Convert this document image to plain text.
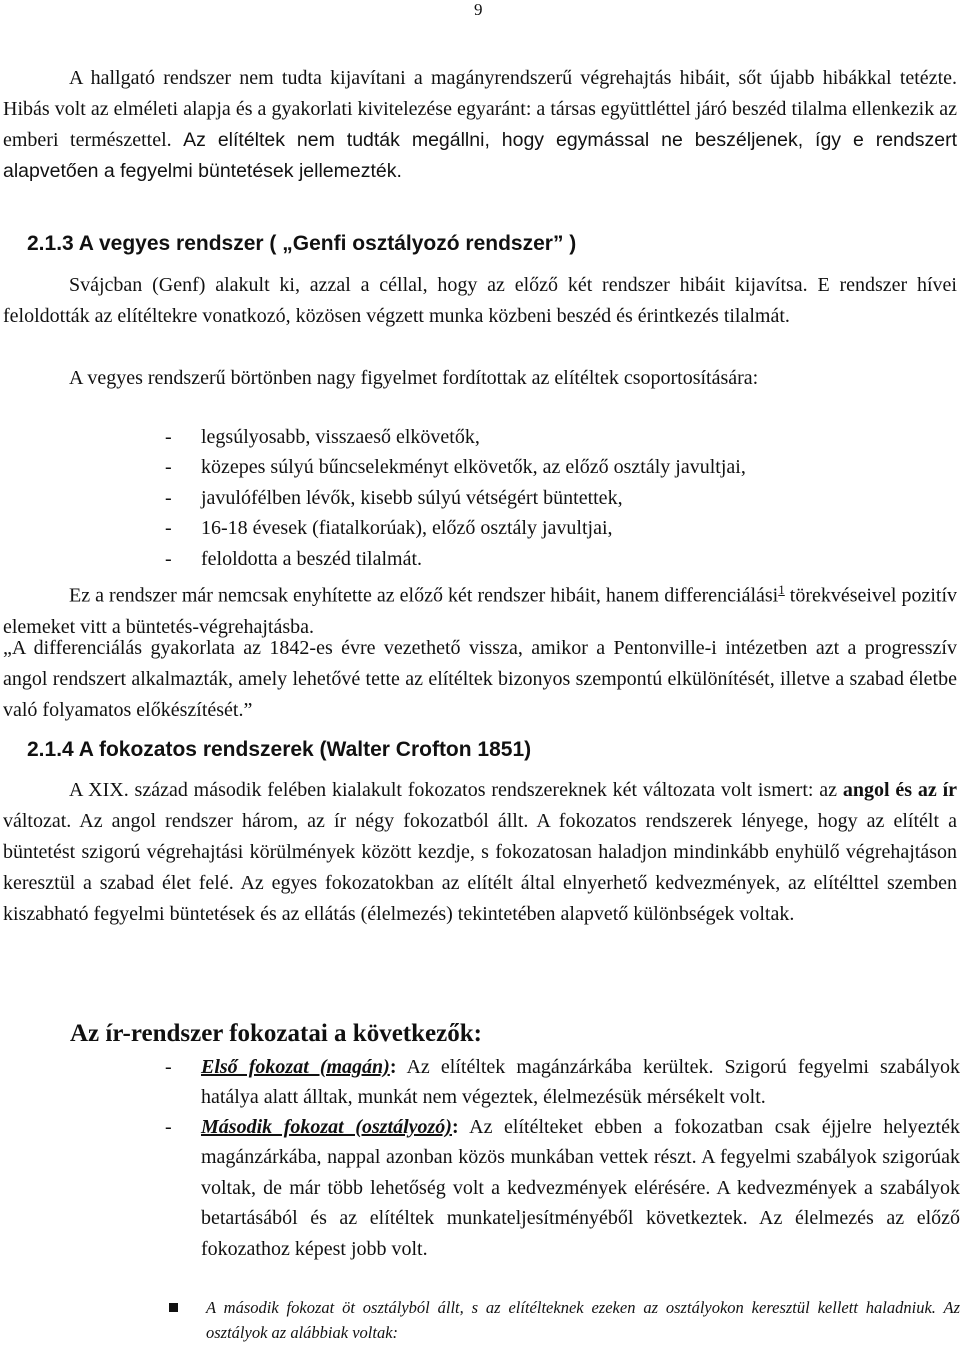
9
A hallgató rendszer nem tudta kijavítani a magányrendszerű végrehajtás hibáit, sőt újabb hibákkal tetézte. Hibás volt az elméleti alapja és a gyakorlati kivitelezése egyaránt: a társas együttléttel járó beszéd tilalma ellenkezik az emberi természettel. Az elítéltek nem tudták megállni, hogy egymással ne beszéljenek, így e rendszert alapvetően a fegyelmi büntetések jellemezték.
2.1.3 A vegyes rendszer ( „Genfi osztályozó rendszer” )
Svájcban (Genf) alakult ki, azzal a céllal, hogy az előző két rendszer hibáit kijavítsa. E rendszer hívei feloldották az elítéltekre vonatkozó, közösen végzett munka közbeni beszéd és érintkezés tilalmát.
A vegyes rendszerű börtönben nagy figyelmet fordítottak az elítéltek csoportosítására:
-	legsúlyosabb, visszaeső elkövetők,
-	közepes súlyú bűncselekményt elkövetők, az előző osztály javultjai,
-	javulófélben lévők, kisebb súlyú vétségért büntettek,
-	16-18 évesek (fiatalkorúak), előző osztály javultjai,
-	feloldotta a beszéd tilalmát.
Ez a rendszer már nemcsak enyhítette az előző két rendszer hibáit, hanem differenciálási$^1$ törekvéseivel pozitív elemeket vitt a büntetés-végrehajtásba.
„A differenciálás gyakorlata az 1842-es évre vezethető vissza, amikor a Pentonville-i intézetben azt a progresszív angol rendszert alkalmazták, amely lehetővé tette az elítéltek bizonyos szempontú elkülönítését, illetve a szabad életbe való folyamatos előkészítését.”
2.1.4 A fokozatos rendszerek (Walter Crofton 1851)
A XIX. század második felében kialakult fokozatos rendszereknek két változata volt ismert: az angol és az ír változat. Az angol rendszer három, az ír négy fokozatból állt. A fokozatos rendszerek lényege, hogy az elítélt a büntetést szigorú végrehajtási körülmények között kezdje, s fokozatosan haladjon mindinkább enyhülő végrehajtáson keresztül a szabad élet felé. Az egyes fokozatokban az elítélt által elnyerhető kedvezmények, az elítélttel szemben kiszabható fegyelmi büntetések és az ellátás (élelmezés) tekintetében alapvető különbségek voltak.
Az ír-rendszer fokozatai a következők:
-	Első fokozat (magán): Az elítéltek magánzárkába kerültek. Szigorú fegyelmi szabályok hatálya alatt álltak, munkát nem végeztek, élelmezésük mérsékelt volt.
-	Második fokozat (osztályozó): Az elítélteket ebben a fokozatban csak éjjelre helyezték magánzárkába, nappal azonban közös munkában vettek részt. A fegyelmi szabályok szigorúak voltak, de már több lehetőség volt a kedvezmények elérésére. A kedvezmények a szabályok betartásából és az elítéltek munkateljesítményéből következtek. Az élelmezés az előző fokozathoz képest jobb volt.
A második fokozat öt osztályból állt, s az elítélteknek ezeken az osztályokon keresztül kellett haladniuk. Az osztályok az alábbiak voltak:
